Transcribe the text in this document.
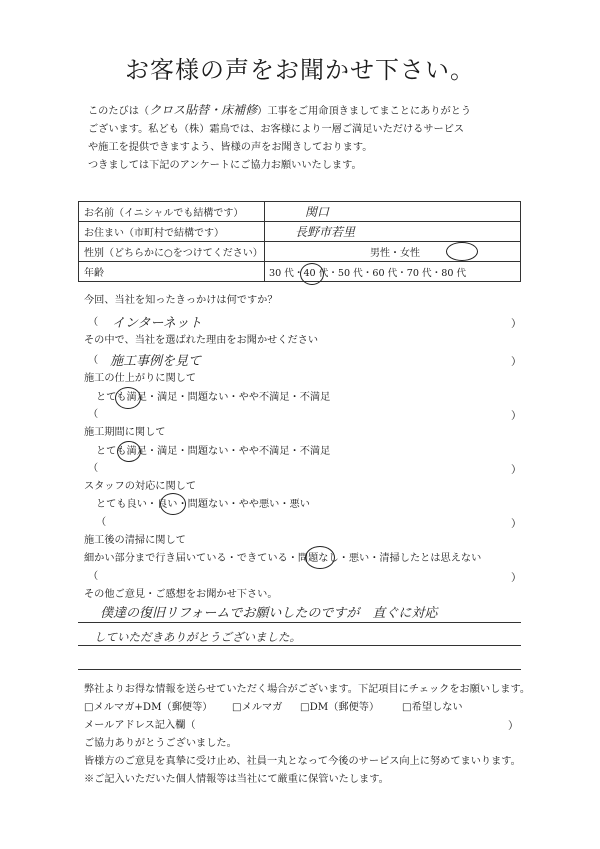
お客様の声をお聞かせ下さい。
このたびは（クロス貼替・床補修）工事をご用命頂きましてまことにありがとう
ございます。私ども（株）霜鳥では、お客様により一層ご満足いただけるサービス
や施工を提供できますよう、皆様の声をお聞きしております。
つきましては下記のアンケートにご協力お願いいたします。
お名前（イニシャルでも結構です）	関口
お住まい（市町村で結構です）	長野市若里
性別（どちらかに○をつけてください）	男性・女性
年齢	30 代・40 代・50 代・60 代・70 代・80 代
今回、当社を知ったきっかけは何ですか？
（ インターネット	）
その中で、当社を選ばれた理由をお聞かせください
（ 施工事例を見て	）
施工の仕上がりに関して
とても満足・満足・問題ない・やや不満足・不満足
（	）
施工期間に関して
とても満足・満足・問題ない・やや不満足・不満足
（	）
スタッフの対応に関して
とても良い・良い・問題ない・やや悪い・悪い
（	）
施工後の清掃に関して
細かい部分まで行き届いている・できている・問題なし・悪い・清掃したとは思えない
（	）
その他ご意見・ご感想をお聞かせ下さい。
僕達の復旧リフォームでお願いしたのですが　直ぐに対応
していただきありがとうございました。
弊社よりお得な情報を送らせていただく場合がございます。下記項目にチェックをお願いします。
□メルマガ+DM（郵便等） □メルマガ □DM（郵便等） □希望しない
メールアドレス記入欄（	）
ご協力ありがとうございました。
皆様方のご意見を真摯に受け止め、社員一丸となって今後のサービス向上に努めてまいります。
※ご記入いただいた個人情報等は当社にて厳重に保管いたします。
